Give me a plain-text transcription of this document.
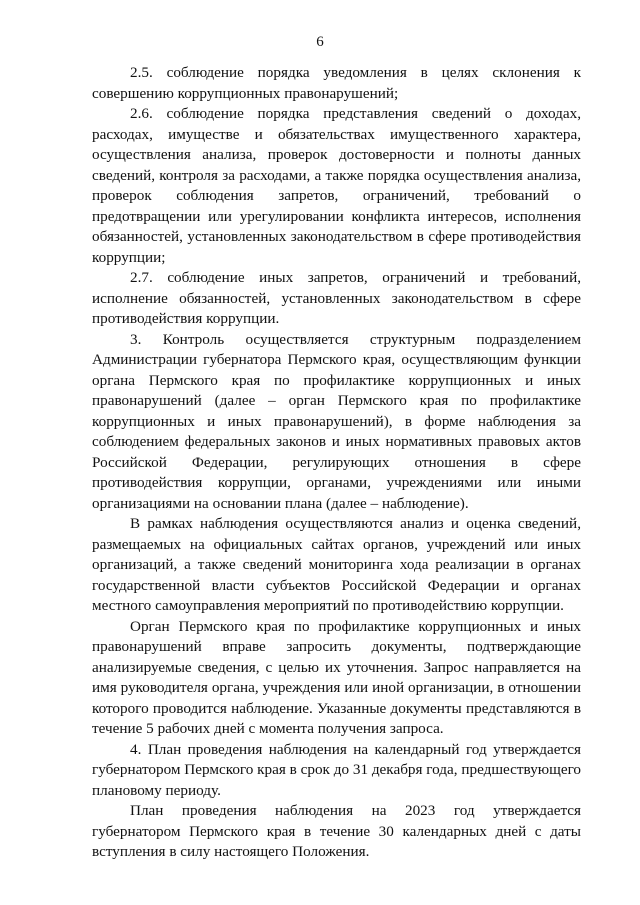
6

2.5. соблюдение порядка уведомления в целях склонения к совершению коррупционных правонарушений;

2.6. соблюдение порядка представления сведений о доходах, расходах, имуществе и обязательствах имущественного характера, осуществления анализа, проверок достоверности и полноты данных сведений, контроля за расходами, а также порядка осуществления анализа, проверок соблюдения запретов, ограничений, требований о предотвращении или урегулировании конфликта интересов, исполнения обязанностей, установленных законодательством в сфере противодействия коррупции;

2.7. соблюдение иных запретов, ограничений и требований, исполнение обязанностей, установленных законодательством в сфере противодействия коррупции.

3. Контроль осуществляется структурным подразделением Администрации губернатора Пермского края, осуществляющим функции органа Пермского края по профилактике коррупционных и иных правонарушений (далее – орган Пермского края по профилактике коррупционных и иных правонарушений), в форме наблюдения за соблюдением федеральных законов и иных нормативных правовых актов Российской Федерации, регулирующих отношения в сфере противодействия коррупции, органами, учреждениями или иными организациями на основании плана (далее – наблюдение).

В рамках наблюдения осуществляются анализ и оценка сведений, размещаемых на официальных сайтах органов, учреждений или иных организаций, а также сведений мониторинга хода реализации в органах государственной власти субъектов Российской Федерации и органах местного самоуправления мероприятий по противодействию коррупции.

Орган Пермского края по профилактике коррупционных и иных правонарушений вправе запросить документы, подтверждающие анализируемые сведения, с целью их уточнения. Запрос направляется на имя руководителя органа, учреждения или иной организации, в отношении которого проводится наблюдение. Указанные документы представляются в течение 5 рабочих дней с момента получения запроса.

4. План проведения наблюдения на календарный год утверждается губернатором Пермского края в срок до 31 декабря года, предшествующего плановому периоду.

План проведения наблюдения на 2023 год утверждается губернатором Пермского края в течение 30 календарных дней с даты вступления в силу настоящего Положения.
